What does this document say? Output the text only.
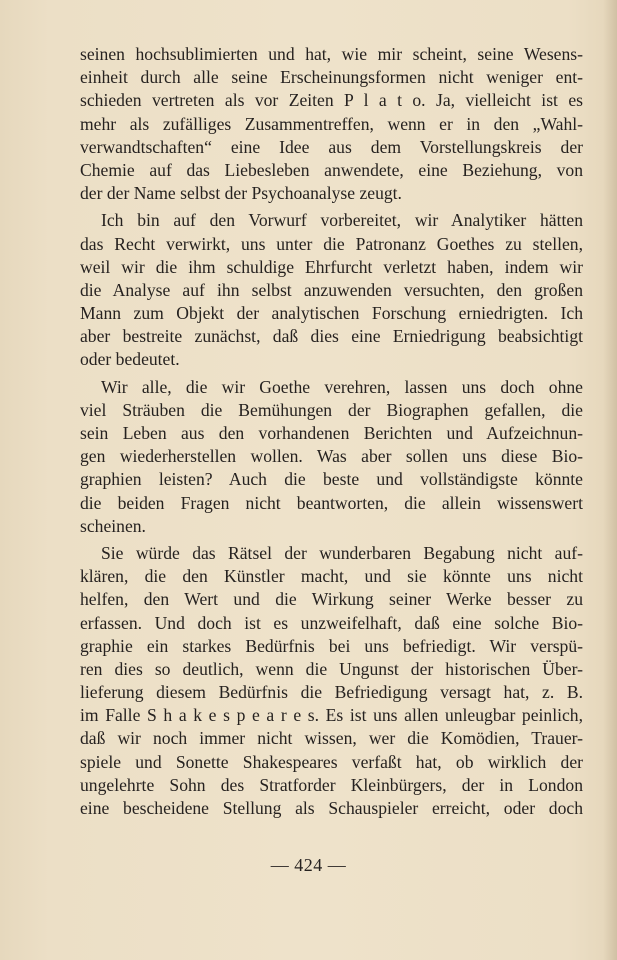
seinen hochsublimierten und hat, wie mir scheint, seine Wesens-
einheit durch alle seine Erscheinungsformen nicht weniger ent-
schieden vertreten als vor Zeiten P l a t o. Ja, vielleicht ist es
mehr als zufälliges Zusammentreffen, wenn er in den „Wahl-
verwandtschaften“ eine Idee aus dem Vorstellungskreis der
Chemie auf das Liebesleben anwendete, eine Beziehung, von
der der Name selbst der Psychoanalyse zeugt.

Ich bin auf den Vorwurf vorbereitet, wir Analytiker hätten
das Recht verwirkt, uns unter die Patronanz Goethes zu stellen,
weil wir die ihm schuldige Ehrfurcht verletzt haben, indem wir
die Analyse auf ihn selbst anzuwenden versuchten, den großen
Mann zum Objekt der analytischen Forschung erniedrigten. Ich
aber bestreite zunächst, daß dies eine Erniedrigung beabsichtigt
oder bedeutet.

Wir alle, die wir Goethe verehren, lassen uns doch ohne
viel Sträuben die Bemühungen der Biographen gefallen, die
sein Leben aus den vorhandenen Berichten und Aufzeichnun-
gen wiederherstellen wollen. Was aber sollen uns diese Bio-
graphien leisten? Auch die beste und vollständigste könnte
die beiden Fragen nicht beantworten, die allein wissenswert
scheinen.

Sie würde das Rätsel der wunderbaren Begabung nicht auf-
klären, die den Künstler macht, und sie könnte uns nicht
helfen, den Wert und die Wirkung seiner Werke besser zu
erfassen. Und doch ist es unzweifelhaft, daß eine solche Bio-
graphie ein starkes Bedürfnis bei uns befriedigt. Wir verspü-
ren dies so deutlich, wenn die Ungunst der historischen Über-
lieferung diesem Bedürfnis die Befriedigung versagt hat, z. B.
im Falle S h a k e s p e a r e s. Es ist uns allen unleugbar peinlich,
daß wir noch immer nicht wissen, wer die Komödien, Trauer-
spiele und Sonette Shakespeares verfaßt hat, ob wirklich der
ungelehrte Sohn des Stratforder Kleinbürgers, der in London
eine bescheidene Stellung als Schauspieler erreicht, oder doch

— 424 —
